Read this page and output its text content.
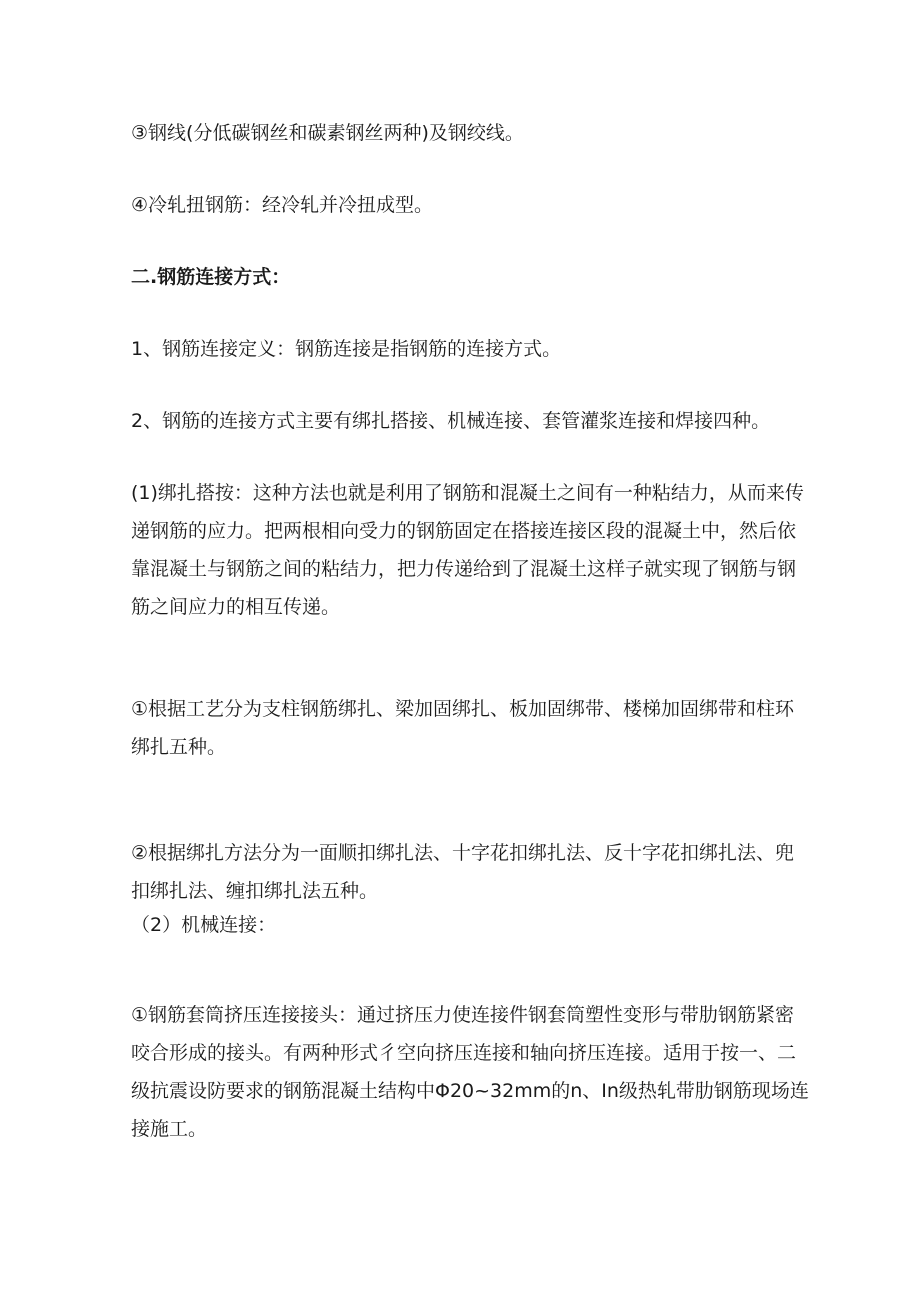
③钢线(分低碳钢丝和碳素钢丝两种)及钢绞线。

④冷轧扭钢筋：经冷轧并冷扭成型。

二.钢筋连接方式：

1、钢筋连接定义：钢筋连接是指钢筋的连接方式。

2、钢筋的连接方式主要有绑扎搭接、机械连接、套管灌浆连接和焊接四种。

(1)绑扎搭按：这种方法也就是利用了钢筋和混凝土之间有一种粘结力，从而来传递钢筋的应力。把两根相向受力的钢筋固定在搭接连接区段的混凝土中，然后依靠混凝土与钢筋之间的粘结力，把力传递给到了混凝土这样子就实现了钢筋与钢筋之间应力的相互传递。

①根据工艺分为支柱钢筋绑扎、梁加固绑扎、板加固绑带、楼梯加固绑带和柱环绑扎五种。

②根据绑扎方法分为一面顺扣绑扎法、十字花扣绑扎法、反十字花扣绑扎法、兜扣绑扎法、缠扣绑扎法五种。

（2）机械连接：

①钢筋套筒挤压连接接头：通过挤压力使连接件钢套筒塑性变形与带肋钢筋紧密咬合形成的接头。有两种形式彳空向挤压连接和轴向挤压连接。适用于按一、二级抗震设防要求的钢筋混凝土结构中Φ20~32mm的n、In级热轧带肋钢筋现场连接施工。
